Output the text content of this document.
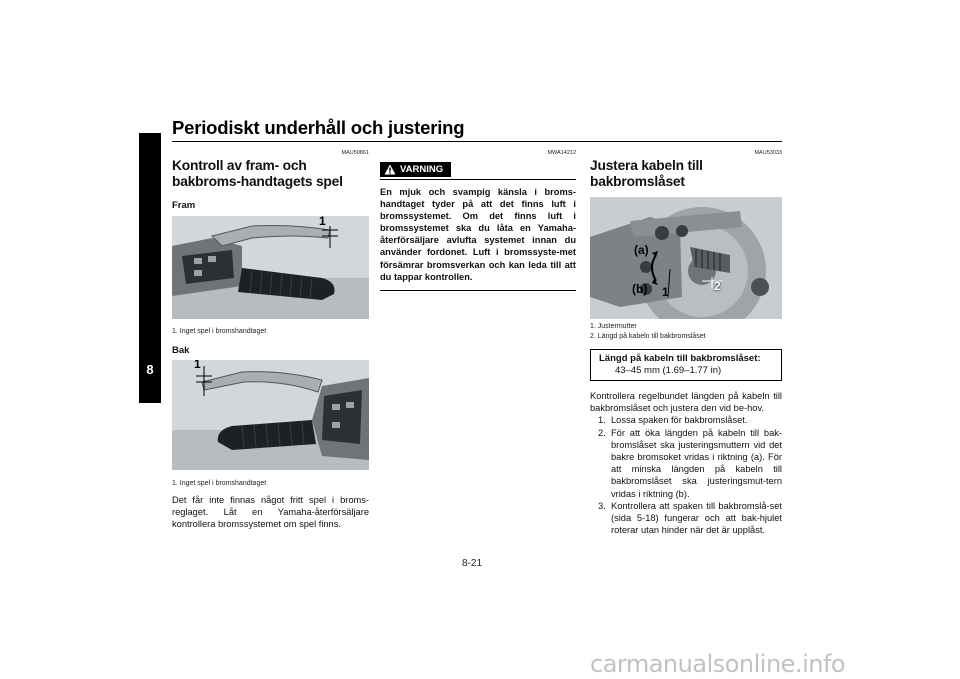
Periodiskt underhåll och justering
8
MAU50861
Kontroll av fram- och bakbroms-handtagets spel
Fram
1
1. Inget spel i bromshandtaget
Bak
1
1. Inget spel i bromshandtaget

Det får inte finnas något fritt spel i broms-reglaget. Låt en Yamaha-återförsäljare kontrollera bromssystemet om spel finns.

MWA14212
VARNING
En mjuk och svampig känsla i broms-handtaget tyder på att det finns luft i bromssystemet. Om det finns luft i bromssystemet ska du låta en Yamaha-återförsäljare avlufta systemet innan du använder fordonet. Luft i bromssyste-met försämrar bromsverkan och kan leda till att du tappar kontrollen.
MAU53033
Justera kabeln till bakbromslåset
(a)
(b) 1	2
1. Justermutter
2. Längd på kabeln till bakbromslåset
Längd på kabeln till bakbromslåset:
43–45 mm (1.69–1.77 in)

Kontrollera regelbundet längden på kabeln till bakbromslåset och justera den vid be-hov.

1. Lossa spaken för bakbromslåset.
2. För att öka längden på kabeln till bak-bromslåset ska justeringsmuttern vid det bakre bromsoket vridas i riktning (a). För att minska längden på kabeln till bakbromslåset ska justeringsmut-tern vridas i riktning (b).
3. Kontrollera att spaken till bakbromslå-set (sida 5-18) fungerar och att bak-hjulet roterar utan hinder när det är upplåst.
8-21
carmanualsonline.info
